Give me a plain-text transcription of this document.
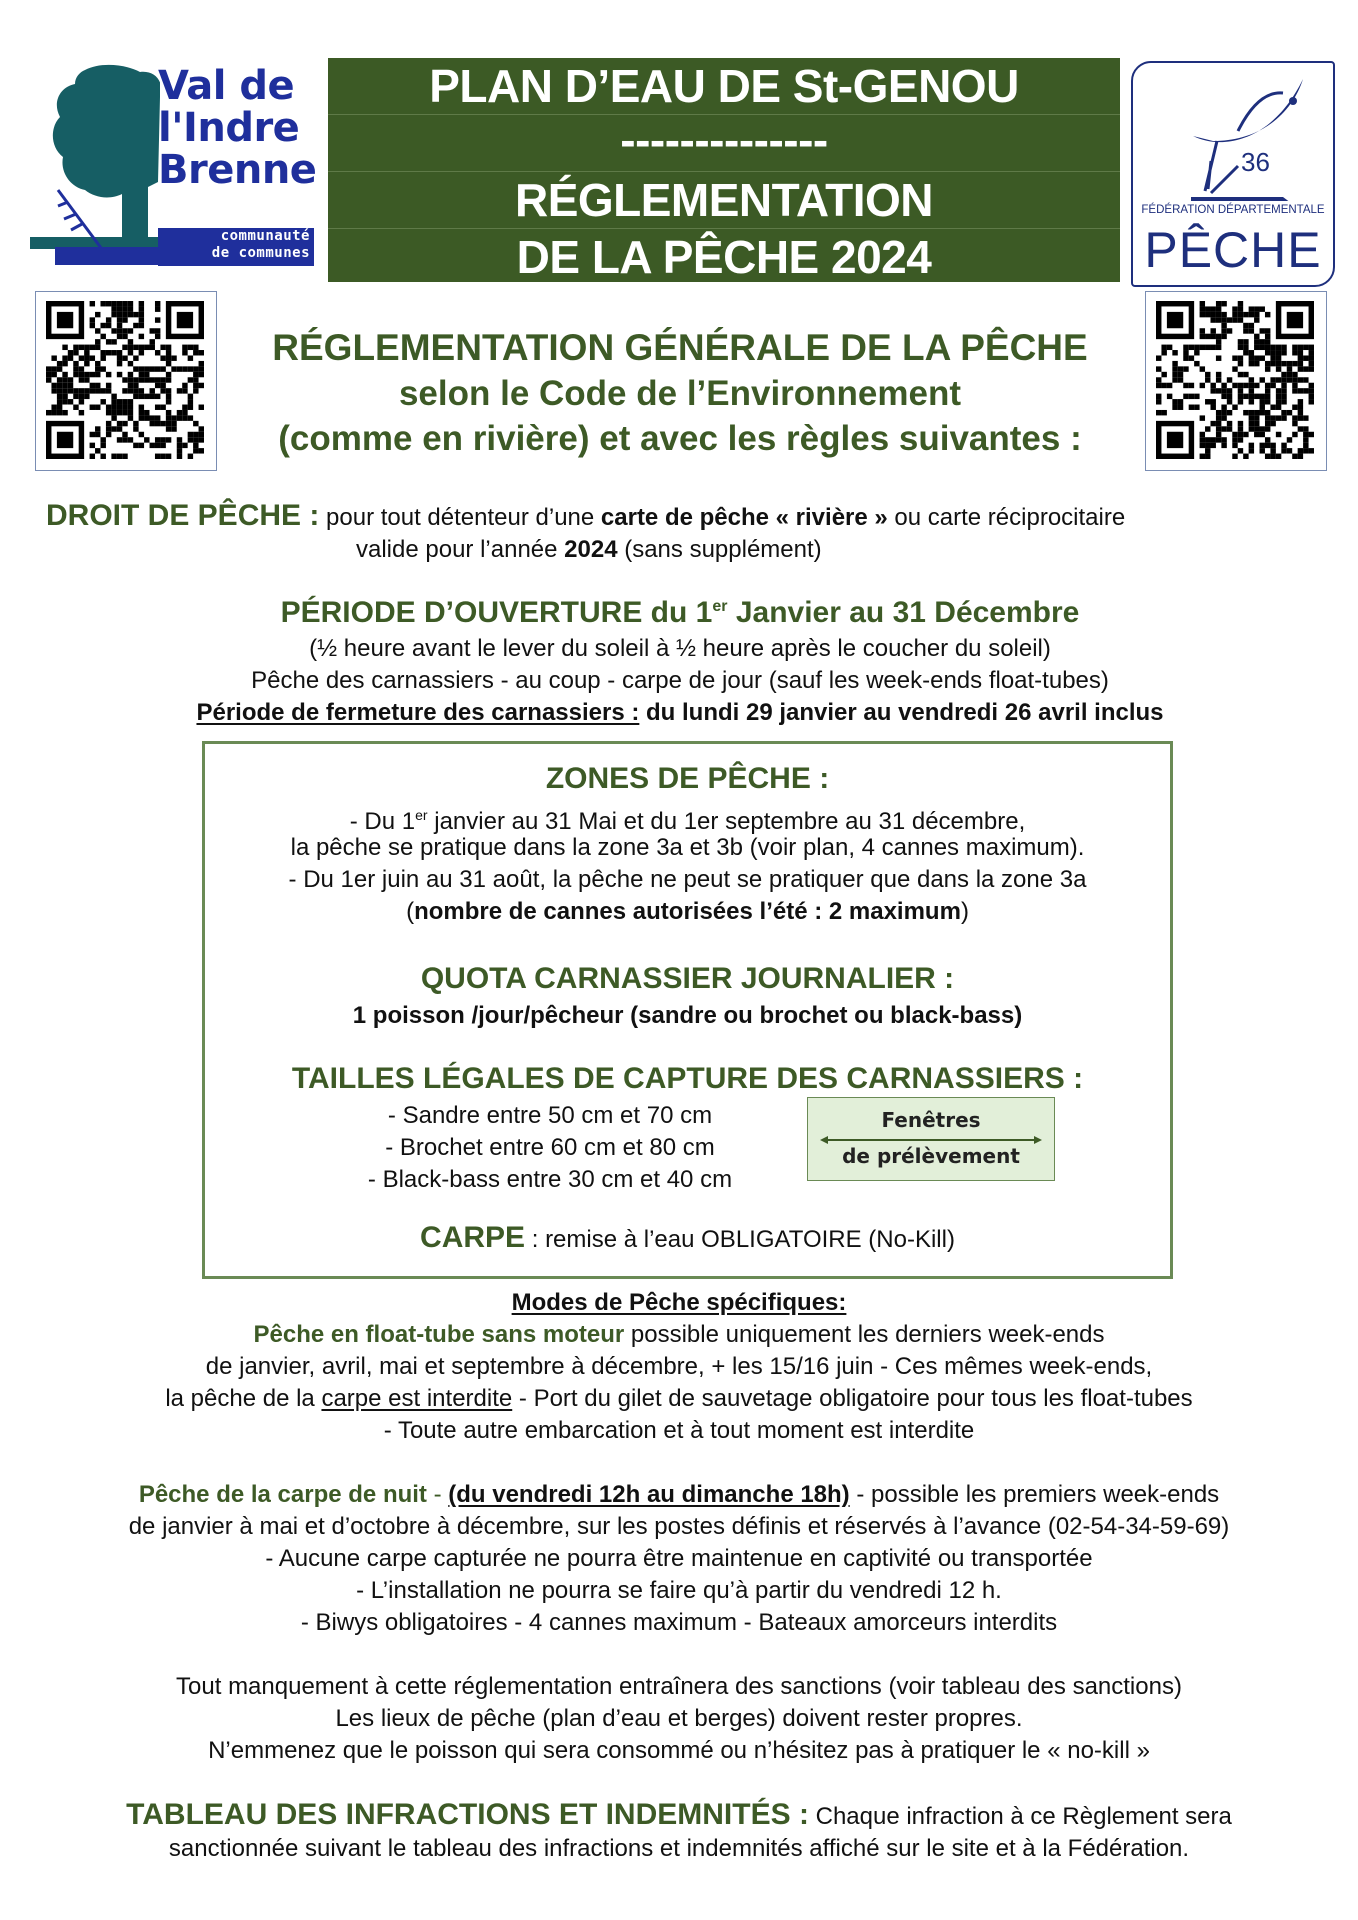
Val de
l'Indre
Brenne
communauté
de communes
PLAN D’EAU DE St-GENOU
--------------
RÉGLEMENTATION
DE LA PÊCHE 2024
36
FÉDÉRATION DÉPARTEMENTALE
PÊCHE
RÉGLEMENTATION GÉNÉRALE DE LA PÊCHE
selon le Code de l’Environnement
(comme en rivière) et avec les règles suivantes :
DROIT DE PÊCHE : pour tout détenteur d’une carte de pêche « rivière » ou carte réciprocitaire
valide pour l’année 2024 (sans supplément)
PÉRIODE D’OUVERTURE du 1er Janvier au 31 Décembre
(½ heure avant le lever du soleil à ½ heure après le coucher du soleil)
Pêche des carnassiers - au coup - carpe de jour (sauf les week-ends float-tubes)
Période de fermeture des carnassiers : du lundi 29 janvier au vendredi 26 avril inclus
ZONES DE PÊCHE :
- Du 1er janvier au 31 Mai et du 1er septembre au 31 décembre,
la pêche se pratique dans la zone 3a et 3b (voir plan, 4 cannes maximum).
- Du 1er juin au 31 août, la pêche ne peut se pratiquer que dans la zone 3a
(nombre de cannes autorisées l’été : 2 maximum)
QUOTA CARNASSIER JOURNALIER :
1 poisson /jour/pêcheur (sandre ou brochet ou black-bass)
TAILLES LÉGALES DE CAPTURE DES CARNASSIERS :
- Sandre entre 50 cm et 70 cm
- Brochet entre 60 cm et 80 cm
- Black-bass entre 30 cm et 40 cm
Fenêtres
de prélèvement
CARPE : remise à l’eau OBLIGATOIRE (No-Kill)
Modes de Pêche spécifiques:
Pêche en float-tube sans moteur possible uniquement les derniers week-ends
de janvier, avril, mai et septembre à décembre, + les 15/16 juin - Ces mêmes week-ends,
la pêche de la carpe est interdite - Port du gilet de sauvetage obligatoire pour tous les float-tubes
- Toute autre embarcation et à tout moment est interdite
Pêche de la carpe de nuit - (du vendredi 12h au dimanche 18h) - possible les premiers week-ends
de janvier à mai et d’octobre à décembre, sur les postes définis et réservés à l’avance (02-54-34-59-69)
- Aucune carpe capturée ne pourra être maintenue en captivité ou transportée
- L’installation ne pourra se faire qu’à partir du vendredi 12 h.
- Biwys obligatoires - 4 cannes maximum - Bateaux amorceurs interdits
Tout manquement à cette réglementation entraînera des sanctions (voir tableau des sanctions)
Les lieux de pêche (plan d’eau et berges) doivent rester propres.
N’emmenez que le poisson qui sera consommé ou n’hésitez pas à pratiquer le « no-kill »
TABLEAU DES INFRACTIONS ET INDEMNITÉS : Chaque infraction à ce Règlement sera
sanctionnée suivant le tableau des infractions et indemnités affiché sur le site et à la Fédération.
